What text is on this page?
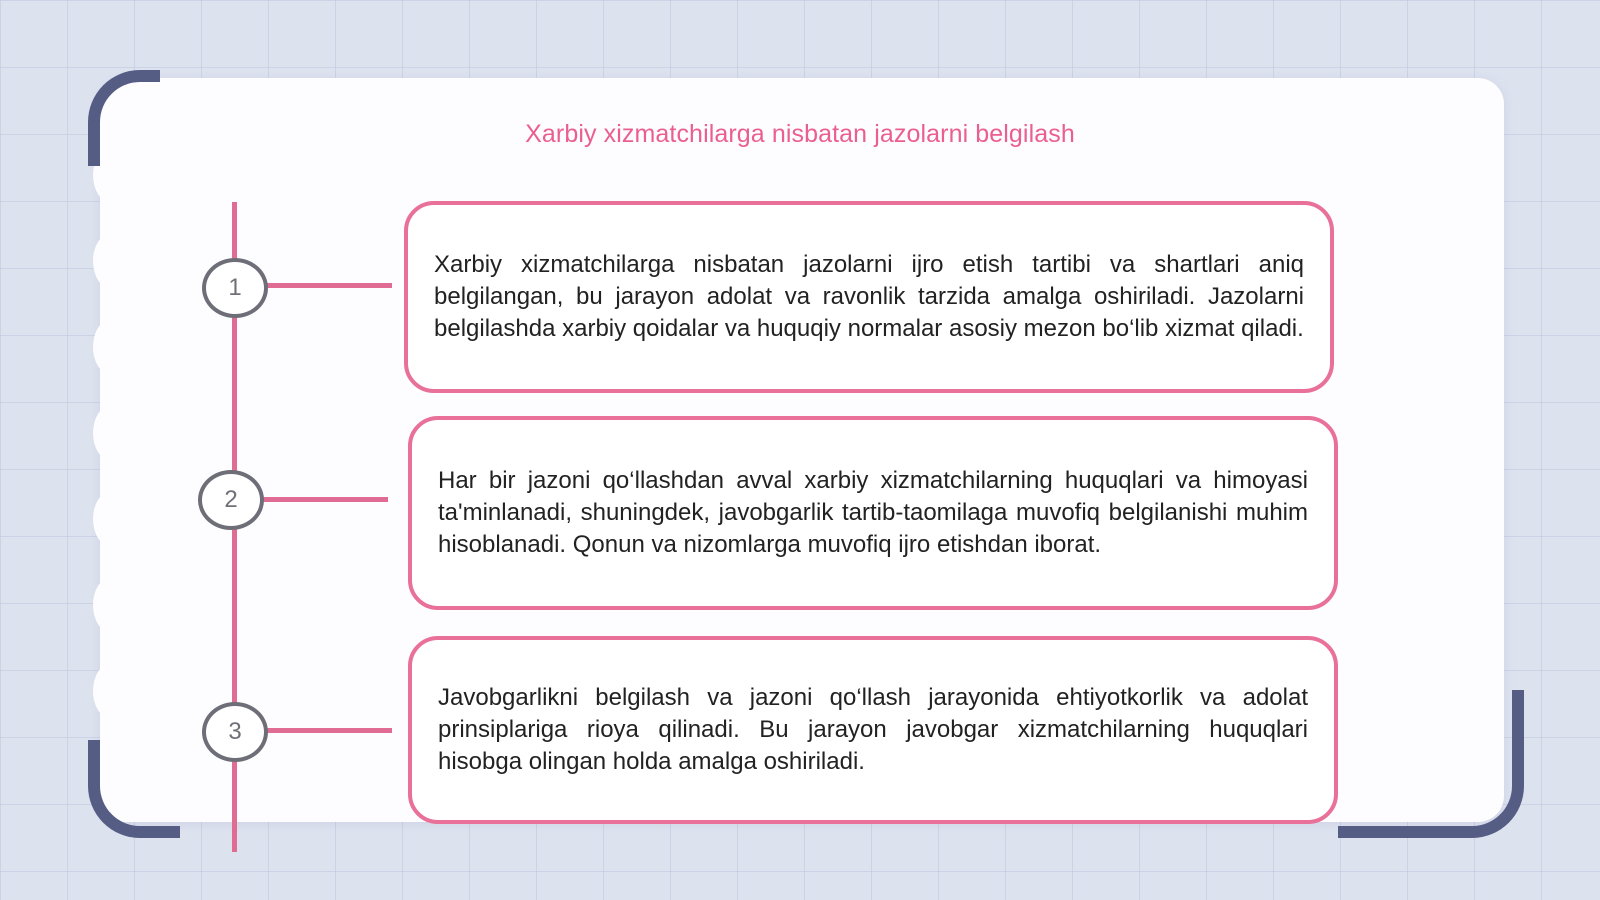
Xarbiy xizmatchilarga nisbatan jazolarni belgilash
1
2
3

Xarbiy xizmatchilarga nisbatan jazolarni ijro etish tartibi va shartlari aniq belgilangan, bu jarayon adolat va ravonlik tarzida amalga oshiriladi. Jazolarni belgilashda xarbiy qoidalar va huquqiy normalar asosiy mezon bo‘lib xizmat qiladi.

Har bir jazoni qo‘llashdan avval xarbiy xizmatchilarning huquqlari va himoyasi ta'minlanadi, shuningdek, javobgarlik tartib-taomilaga muvofiq belgilanishi muhim hisoblanadi. Qonun va nizomlarga muvofiq ijro etishdan iborat.

Javobgarlikni belgilash va jazoni qo‘llash jarayonida ehtiyotkorlik va adolat prinsiplariga rioya qilinadi. Bu jarayon javobgar xizmatchilarning huquqlari hisobga olingan holda amalga oshiriladi.
